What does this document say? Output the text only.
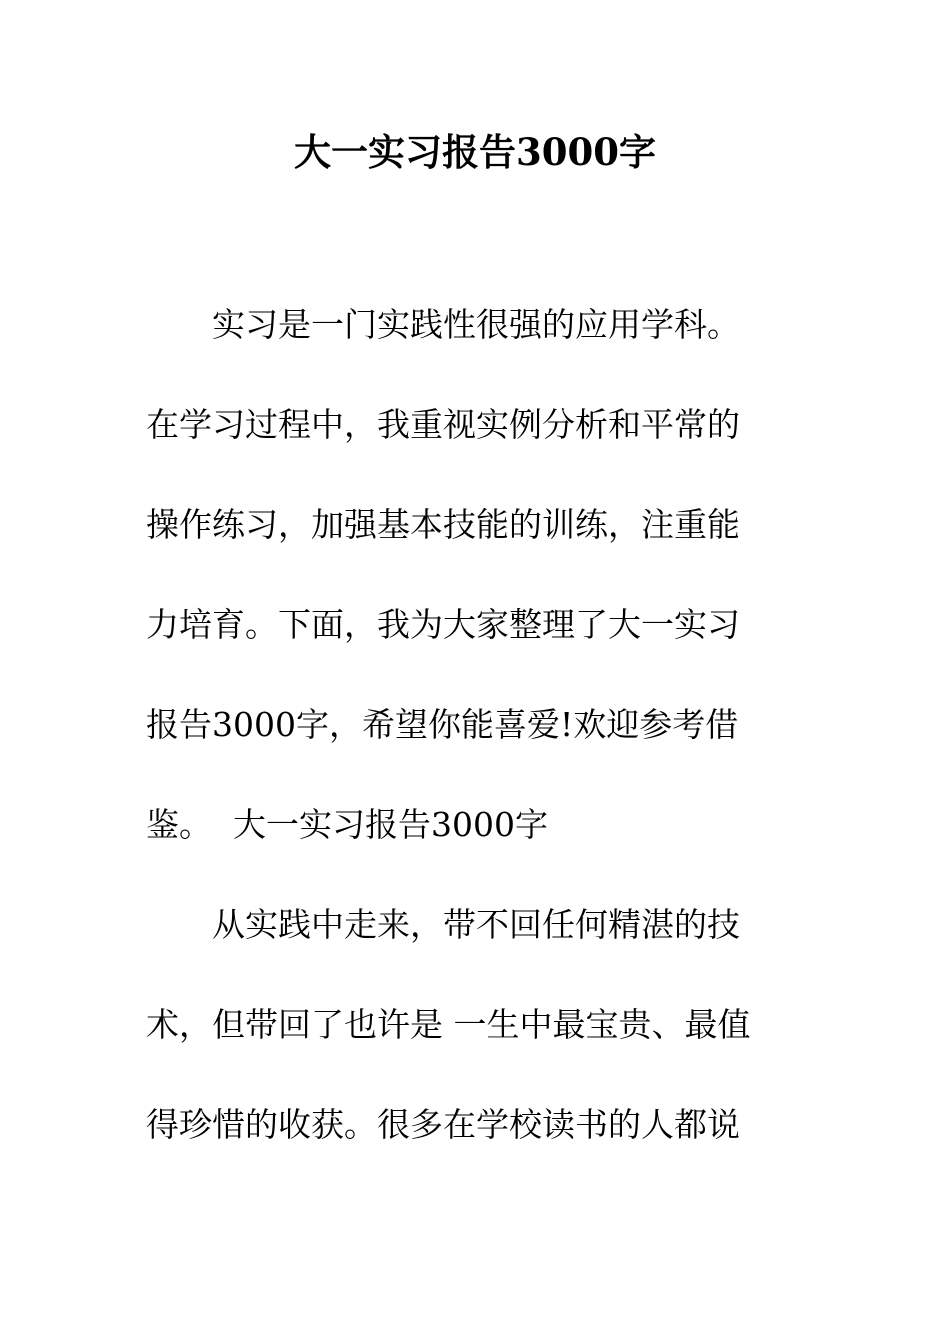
大一实习报告3000字
　　实习是一门实践性很强的应用学科。
在学习过程中，我重视实例分析和平常的
操作练习，加强基本技能的训练，注重能
力培育。下面，我为大家整理了大一实习
报告3000字，希望你能喜爱!欢迎参考借
鉴。  大一实习报告3000字
　　从实践中走来，带不回任何精湛的技
术，但带回了也许是 一生中最宝贵、最值
得珍惜的收获。很多在学校读书的人都说
